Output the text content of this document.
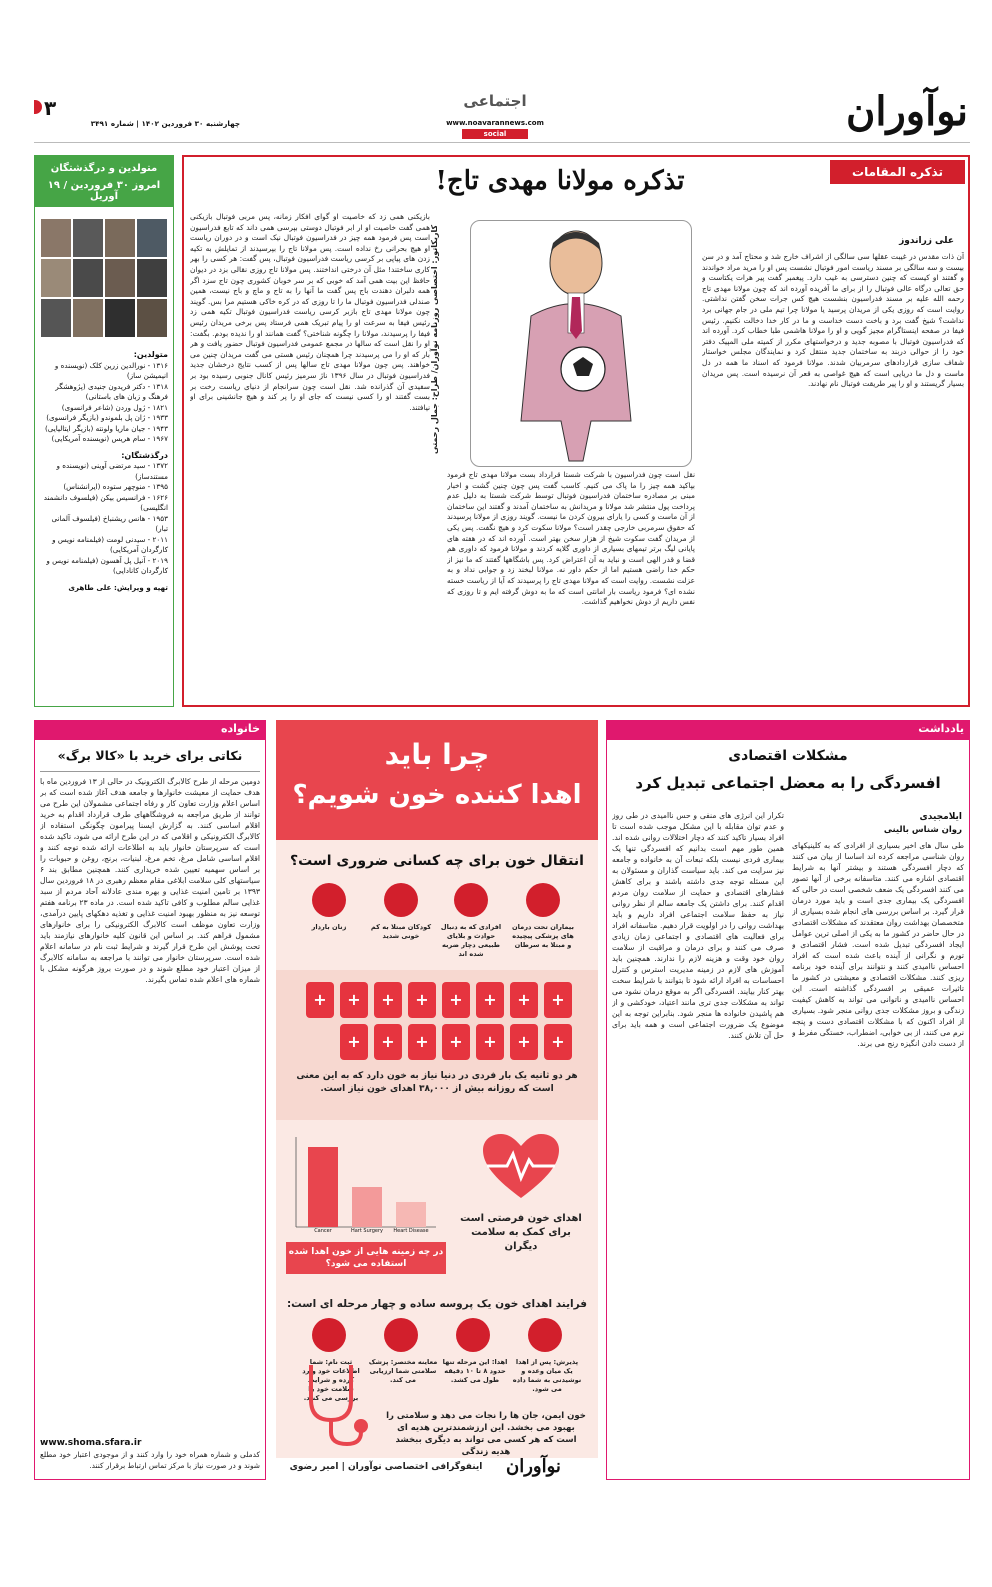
نوآوران
اجتماعی
www.noavarannews.com
social
۳
چهارشنبه ۳۰ فروردین ۱۴۰۲ | شماره ۳۴۹۱
تذکره المقامات
تذکره مولانا مهدی تاج!
علی زراندوز
کاریکاتور: اختصاصی روزنامه نوآوران/ طراح: جمال رحمتی	آن ذات مقدس در غیبت عقلها سی سالگی از اشراف خارج شد و محتاج آمد و در سن بیست و سه سالگی بر مسند ریاست امور فوتبال نشست پس او را مرید مراد خواندند و گفتند او کیست که چنین دسترسی به غیب دارد. پیغمبر گفت پیر هرات یکتاست و حق تعالی درگاه عالی فوتبال را از برای ما آفریده آورده اند که چون مولانا مهدی تاج رحمه الله علیه بر مسند فدراسیون بنشست هیچ کس جرات سخن گفتن نداشتی. روایت است که روزی یکی از مریدان پرسید یا مولانا چرا تیم ملی در جام جهانی برد نداشت؟ شیخ گفت برد و باخت دست خداست و ما در کار خدا دخالت نکنیم. رئیس فیفا در صفحه اینستاگرام مجیز گویی و او را مولانا هاشمی طبا خطاب کرد. آورده اند که فدراسیون فوتبال با مصوبه جدید و درخواستهای مکرر از کمیته ملی المپیک دفتر خود را از حوالی دربند به ساختمان جدید منتقل کرد و نمایندگان مجلس خواستار شفاف سازی قراردادهای سرمربیان شدند. مولانا فرمود که اسناد ما همه در دل ماست و دل ما دریایی است که هیچ غواصی به قعر آن نرسیده است. پس مریدان بسیار گریستند و او را پیر طریقت فوتبال نام نهادند.
نقل است چون فدراسیون با شرکت شستا قرارداد بست مولانا مهدی تاج فرمود بپاکید همه چیز را ما پاک می کنیم. کاسب گفت پس چون چنین گشت و اخبار مبنی بر مصادره ساختمان فدراسیون فوتبال توسط شرکت شستا به دلیل عدم پرداخت پول منتشر شد مولانا و مریدانش به ساختمان آمدند و گفتند این ساختمان از آن ماست و کسی را یارای بیرون کردن ما نیست. گویند روزی از مولانا پرسیدند که حقوق سرمربی خارجی چقدر است؟ مولانا سکوت کرد و هیچ نگفت. پس یکی از مریدان گفت سکوت شیخ از هزار سخن بهتر است. آورده اند که در هفته های پایانی لیگ برتر تیمهای بسیاری از داوری گلایه کردند و مولانا فرمود که داوری هم قضا و قدر الهی است و نباید به آن اعتراض کرد. پس باشگاهها گفتند که ما نیز از حکم خدا راضی هستیم اما از حکم داور نه. مولانا لبخند زد و جوابی نداد و به عزلت نشست. روایت است که مولانا مهدی تاج را پرسیدند که آیا از ریاست خسته نشده ای؟ فرمود ریاست بار امانتی است که ما به دوش گرفته ایم و تا روزی که نفس داریم از دوش نخواهیم گذاشت.
بازیکنی همی زد که خاصیت او گوای افکار زمانه، پس مربی فوتبال بازیکنی همی گفت خاصیت او ار ابر فوتبال دوستی بپرسی همی داند که تابع فدراسیون است پس فرمود همه چیز در فدراسیون فوتبال نیک است و در دوران ریاست او هیچ بحرانی رخ نداده است. پس مولانا تاج را بپرسیدند از تمایلش به تکیه زدن های پیاپی بر کرسی ریاست فدراسیون فوتبال، پس گفت: هر کسی را بهر کاری ساختند! مثل آن درختی انداختند. پس مولانا تاج روزی نقالی بزد در دیوان حافظ این بیت همی آمد که خوبی که بر سر خوبان کشوری چون تاج سزد اگر همه دلبران دهندت باج پس گفت ما آنها را به تاج و ماچ و باج نیست، همین صندلی فدراسیون فوتبال ما را تا روزی که در کره خاکی هستیم مرا بس. گویند چون مولانا مهدی تاج بازبر کرسی ریاست فدراسیون فوتبال تکیه همی زد رئیس فیفا به سرعت او را پیام تبریک همی فرستاد پس برخی مریدان رئیس فیفا را پرسیدند، مولانا را چگونه شناختی؟ گفت همانند او را ندیده بودم. بگفت: او را نقل است که سالها در مجمع عمومی فدراسیون فوتبال حضور یافت و هر بار که او را می پرسیدند چرا همچنان رئیس هستی می گفت مریدان چنین می خواهند. پس چون مولانا مهدی تاج سالها پس از کسب نتایج درخشان جدید فدراسیون فوتبال در سال ۱۳۹۶ ناژ سرمیز رئیس کانال جنوبی رسیده بود بر سفیدی آن گذرانده شد. نقل است چون سرانجام از دنیای ریاست رخت بر بست گفتند او را کسی نیست که جای او را پر کند و هیچ جانشینی برای او نیافتند.
متولدین و درگذشتگان
امروز ۳۰ فروردین / ۱۹ آوریل
متولدین:
۱۳۱۶ - نورالدین زرین کلک (نویسنده و انیمیشن ساز)
۱۳۱۸ - دکتر فریدون جنیدی (پژوهشگر فرهنگ و زبان های باستانی)
۱۸۲۱ - ژول وردن (شاعر فرانسوی)
۱۹۳۳ - ژان پل بلموندو (بازیگر فرانسوی)
۱۹۴۳ - جیان ماریا ولونته (بازیگر ایتالیایی)
۱۹۶۷ - سام هریس (نویسنده آمریکایی)
درگذشتگان:
۱۳۷۲ - سید مرتضی آوینی (نویسنده و مستندساز)
۱۳۹۵ - منوچهر ستوده (ایرانشناس)
۱۶۲۶ - فرانسیس بیکن (فیلسوف دانشمند انگلیسی)
۱۹۵۳ - هانس ریشنباخ (فیلسوف آلمانی تبار)
۲۰۱۱ - سیدنی لومت (فیلمنامه نویس و کارگردان آمریکایی)
۲۰۱۹ - آنیل پل آهسون (فیلمنامه نویس و کارگردان کانادایی)
تهیه و ویرایش: علی طاهری
خانواده
نکاتی برای خرید با «کالا برگ»
دومین مرحله از طرح کالابرگ الکترونیک در حالی از ۱۳ فروردین ماه با هدف حمایت از معیشت خانوارها و جامعه هدف آغاز شده است که بر اساس اعلام وزارت تعاون کار و رفاه اجتماعی مشمولان این طرح می توانند از طریق مراجعه به فروشگاههای طرف قرارداد اقدام به خرید اقلام اساسی کنند. به گزارش ایسنا پیرامون چگونگی استفاده از کالابرگ الکترونیکی و اقلامی که در این طرح ارائه می شود، تاکید شده است که سرپرستان خانوار باید به اطلاعات ارائه شده توجه کنند و اقلام اساسی شامل مرغ، تخم مرغ، لبنیات، برنج، روغن و حبوبات را بر اساس سهمیه تعیین شده خریداری کنند. همچنین مطابق بند ۶ سیاستهای کلی سلامت ابلاغی مقام معظم رهبری در ۱۸ فروردین سال ۱۳۹۳ بر تامین امنیت غذایی و بهره مندی عادلانه آحاد مردم از سبد غذایی سالم مطلوب و کافی تاکید شده است. در ماده ۲۳ برنامه هفتم توسعه نیز به منظور بهبود امنیت غذایی و تغذیه دهکهای پایین درآمدی، وزارت تعاون موظف است کالابرگ الکترونیکی را برای خانوارهای مشمول فراهم کند. بر اساس این قانون کلیه خانوارهای نیازمند باید تحت پوشش این طرح قرار گیرند و شرایط ثبت نام در سامانه اعلام شده است. سرپرستان خانوار می توانند با مراجعه به سامانه کالابرگ از میزان اعتبار خود مطلع شوند و در صورت بروز هرگونه مشکل با شماره های اعلام شده تماس بگیرند.
www.shoma.sfara.ir
کدملی و شماره همراه خود را وارد کنند و از موجودی اعتبار خود مطلع شوند و در صورت نیاز با مرکز تماس ارتباط برقرار کنند.
چرا باید
اهدا کننده خون شویم؟
انتقال خون برای چه کسانی ضروری است؟
بیماران تحت درمان های پزشکی پیچیده و مبتلا به سرطان
افرادی که به دنبال حوادث و بلایای طبیعی دچار ضربه شده اند
کودکان مبتلا به کم خونی شدید
زنان باردار
+
+
+
+
+
+
+
+
+
+
+
+
+
+
+
هر دو ثانیه یک بار فردی در دنیا نیاز به خون دارد که به این معنی است که روزانه بیش از ۳۸,۰۰۰ اهدای خون نیاز است.
Cancer	Hart Surgery	Heart Disease
در چه زمینه هایی از خون اهدا شده استفاده می شود؟
اهدای خون فرصتی است برای کمک به سلامت دیگران
فرایند اهدای خون یک پروسه ساده و چهار مرحله ای است:
پذیرش: پس از اهدا یک میان وعده و نوشیدنی به شما داده می شود.
اهدا: این مرحله تنها حدود ۸ تا ۱۰ دقیقه طول می کشد.
معاینه مختصر: پزشک سلامتی شما ارزیابی می کند.
ثبت نام: شما اطلاعات خود وارد کرده و شرایط سلامت خود را بررسی می کنید.
خون ایمن، جان ها را نجات می دهد و سلامتی را بهبود می بخشد. این ارزشمندترین هدیه ای است که هر کسی می تواند به دیگری ببخشد هدیه زندگی
اینفوگرافی اختصاصی نوآوران | امیر رضوی نوآوران
یادداشت
مشکلات اقتصادی
افسردگی را به معضل اجتماعی تبدیل کرد
ایلامجیدی
روان شناس بالینی
طی سال های اخیر بسیاری از افرادی که به کلینیکهای روان شناسی مراجعه کرده اند اساسا از بیان می کنند که دچار افسردگی هستند و بیشتر آنها به شرایط اقتصادی اشاره می کنند. متاسفانه برخی از آنها تصور می کنند افسردگی یک ضعف شخصی است در حالی که افسردگی یک بیماری جدی است و باید مورد درمان قرار گیرد. بر اساس بررسی های انجام شده بسیاری از متخصصان بهداشت روان معتقدند که مشکلات اقتصادی در حال حاضر در کشور ما به یکی از اصلی ترین عوامل ایجاد افسردگی تبدیل شده است. فشار اقتصادی و تورم و نگرانی از آینده باعث شده است که افراد احساس ناامیدی کنند و نتوانند برای آینده خود برنامه ریزی کنند. مشکلات اقتصادی و معیشتی در کشور ما تاثیرات عمیقی بر افسردگی گذاشته است. این احساس ناامیدی و ناتوانی می تواند به کاهش کیفیت زندگی و بروز مشکلات جدی روانی منجر شود. بسیاری از افراد اکنون که با مشکلات اقتصادی دست و پنجه نرم می کنند، از بی خوابی، اضطراب، خستگی مفرط و از دست دادن انگیزه رنج می برند.
تکرار این انرژی های منفی و حس ناامیدی در طی روز و عدم توان مقابله با این مشکل موجب شده است تا افراد بسیار تاکید کنند که دچار اختلالات روانی شده اند. همین طور مهم است بدانیم که افسردگی تنها یک بیماری فردی نیست بلکه تبعات آن به خانواده و جامعه نیز سرایت می کند. باید سیاست گذاران و مسئولان به این مسئله توجه جدی داشته باشند و برای کاهش فشارهای اقتصادی و حمایت از سلامت روان مردم اقدام کنند. برای داشتن یک جامعه سالم از نظر روانی نیاز به حفظ سلامت اجتماعی افراد داریم و باید بهداشت روانی را در اولویت قرار دهیم. متاسفانه افراد برای فعالیت های اقتصادی و اجتماعی زمان زیادی صرف می کنند و برای درمان و مراقبت از سلامت روان خود وقت و هزینه لازم را ندارند. همچنین باید آموزش های لازم در زمینه مدیریت استرس و کنترل احساسات به افراد ارائه شود تا بتوانند با شرایط سخت بهتر کنار بیایند. افسردگی اگر به موقع درمان نشود می تواند به مشکلات جدی تری مانند اعتیاد، خودکشی و از هم پاشیدن خانواده ها منجر شود. بنابراین توجه به این موضوع یک ضرورت اجتماعی است و همه باید برای حل آن تلاش کنند.
